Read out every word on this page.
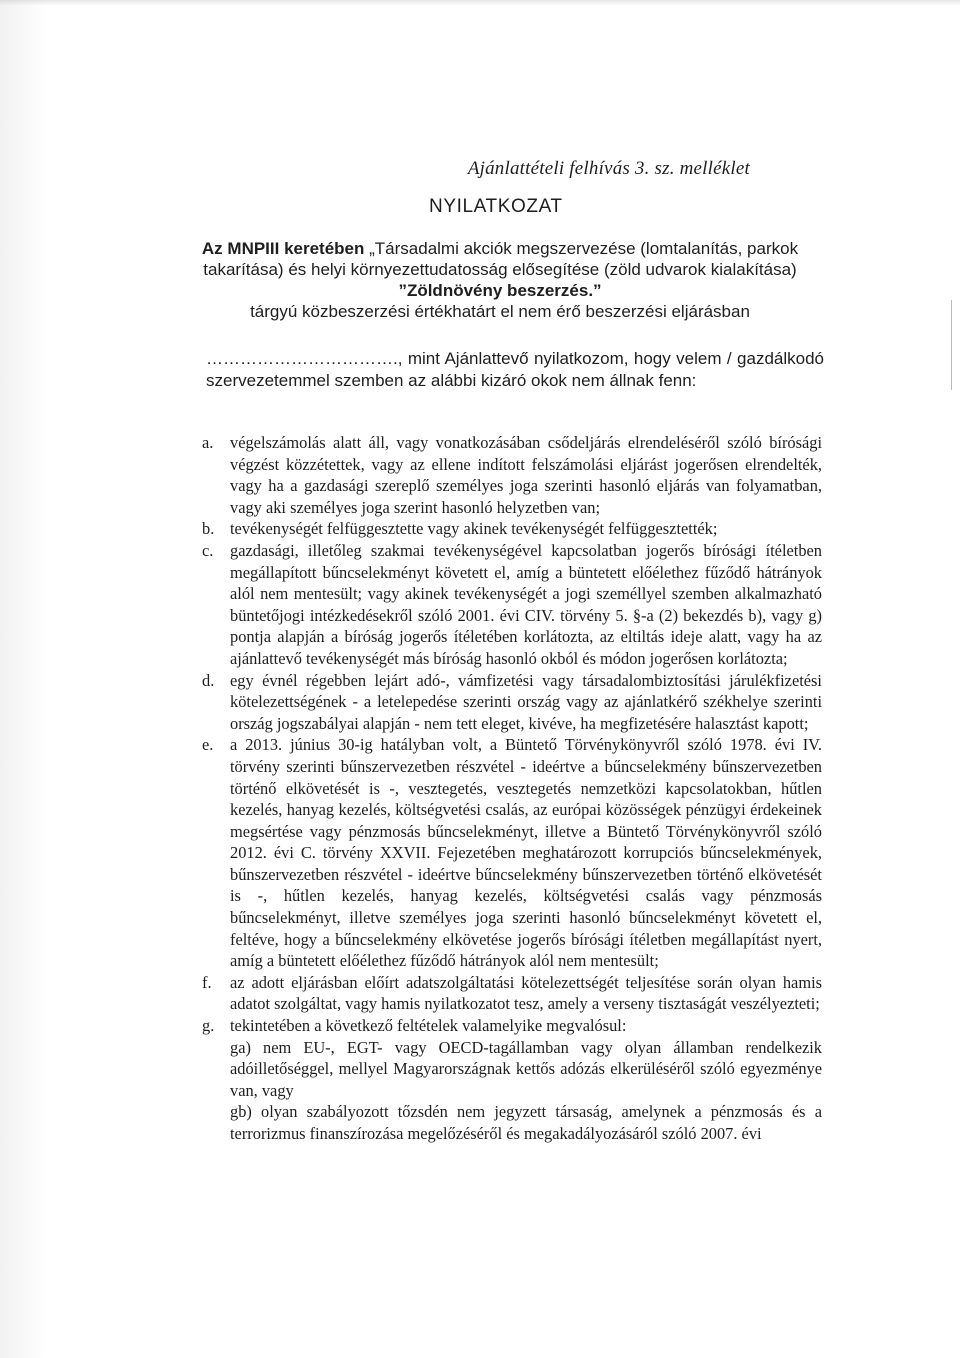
Ajánlattételi felhívás 3. sz. melléklet
NYILATKOZAT
Az MNPIII keretében „Társadalmi akciók megszervezése (lomtalanítás, parkok
takarítása) és helyi környezettudatosság elősegítése (zöld udvarok kialakítása)
”Zöldnövény beszerzés.”
tárgyú közbeszerzési értékhatárt el nem érő beszerzési eljárásban
……………………………., mint Ajánlattevő nyilatkozom, hogy velem / gazdálkodó szervezetemmel szemben az alábbi kizáró okok nem állnak fenn:
a.	végelszámolás alatt áll, vagy vonatkozásában csődeljárás elrendeléséről szóló bírósági végzést közzétettek, vagy az ellene indított felszámolási eljárást jogerősen elrendelték, vagy ha a gazdasági szereplő személyes joga szerinti hasonló eljárás van folyamatban, vagy aki személyes joga szerint hasonló helyzetben van;
b. tevékenységét felfüggesztette vagy akinek tevékenységét felfüggesztették;
c.	gazdasági, illetőleg szakmai tevékenységével kapcsolatban jogerős bírósági ítéletben megállapított bűncselekményt követett el, amíg a büntetett előélethez fűződő hátrányok alól nem mentesült; vagy akinek tevékenységét a jogi személlyel szemben alkalmazható büntetőjogi intézkedésekről szóló 2001. évi CIV. törvény 5. §-a (2) bekezdés b), vagy g) pontja alapján a bíróság jogerős ítéletében korlátozta, az eltiltás ideje alatt, vagy ha az ajánlattevő tevékenységét más bíróság hasonló okból és módon jogerősen korlátozta;
d. egy évnél régebben lejárt adó-, vámfizetési vagy társadalombiztosítási járulékfizetési kötelezettségének - a letelepedése szerinti ország vagy az ajánlatkérő székhelye szerinti ország jogszabályai alapján - nem tett eleget, kivéve, ha megfizetésére halasztást kapott;
e.	a 2013. június 30-ig hatályban volt, a Büntető Törvénykönyvről szóló 1978. évi IV. törvény szerinti bűnszervezetben részvétel - ideértve a bűncselekmény bűnszervezetben történő elkövetését is -, vesztegetés, vesztegetés nemzetközi kapcsolatokban, hűtlen kezelés, hanyag kezelés, költségvetési csalás, az európai közösségek pénzügyi érdekeinek megsértése vagy pénzmosás bűncselekményt, illetve a Büntető Törvénykönyvről szóló 2012. évi C. törvény XXVII. Fejezetében meghatározott korrupciós bűncselekmények, bűnszervezetben részvétel - ideértve bűncselekmény bűnszervezetben történő elkövetését is -, hűtlen kezelés, hanyag kezelés, költségvetési csalás vagy pénzmosás bűncselekményt, illetve személyes joga szerinti hasonló bűncselekményt követett el, feltéve, hogy a bűncselekmény elkövetése jogerős bírósági ítéletben megállapítást nyert, amíg a büntetett előélethez fűződő hátrányok alól nem mentesült;
f.	az adott eljárásban előírt adatszolgáltatási kötelezettségét teljesítése során olyan hamis adatot szolgáltat, vagy hamis nyilatkozatot tesz, amely a verseny tisztaságát veszélyezteti;
g. tekintetében a következő feltételek valamelyike megvalósul:
ga) nem EU-, EGT- vagy OECD-tagállamban vagy olyan államban rendelkezik adóilletőséggel, mellyel Magyarországnak kettős adózás elkerüléséről szóló egyezménye van, vagy
gb) olyan szabályozott tőzsdén nem jegyzett társaság, amelynek a pénzmosás és a terrorizmus finanszírozása megelőzéséről és megakadályozásáról szóló 2007. évi
